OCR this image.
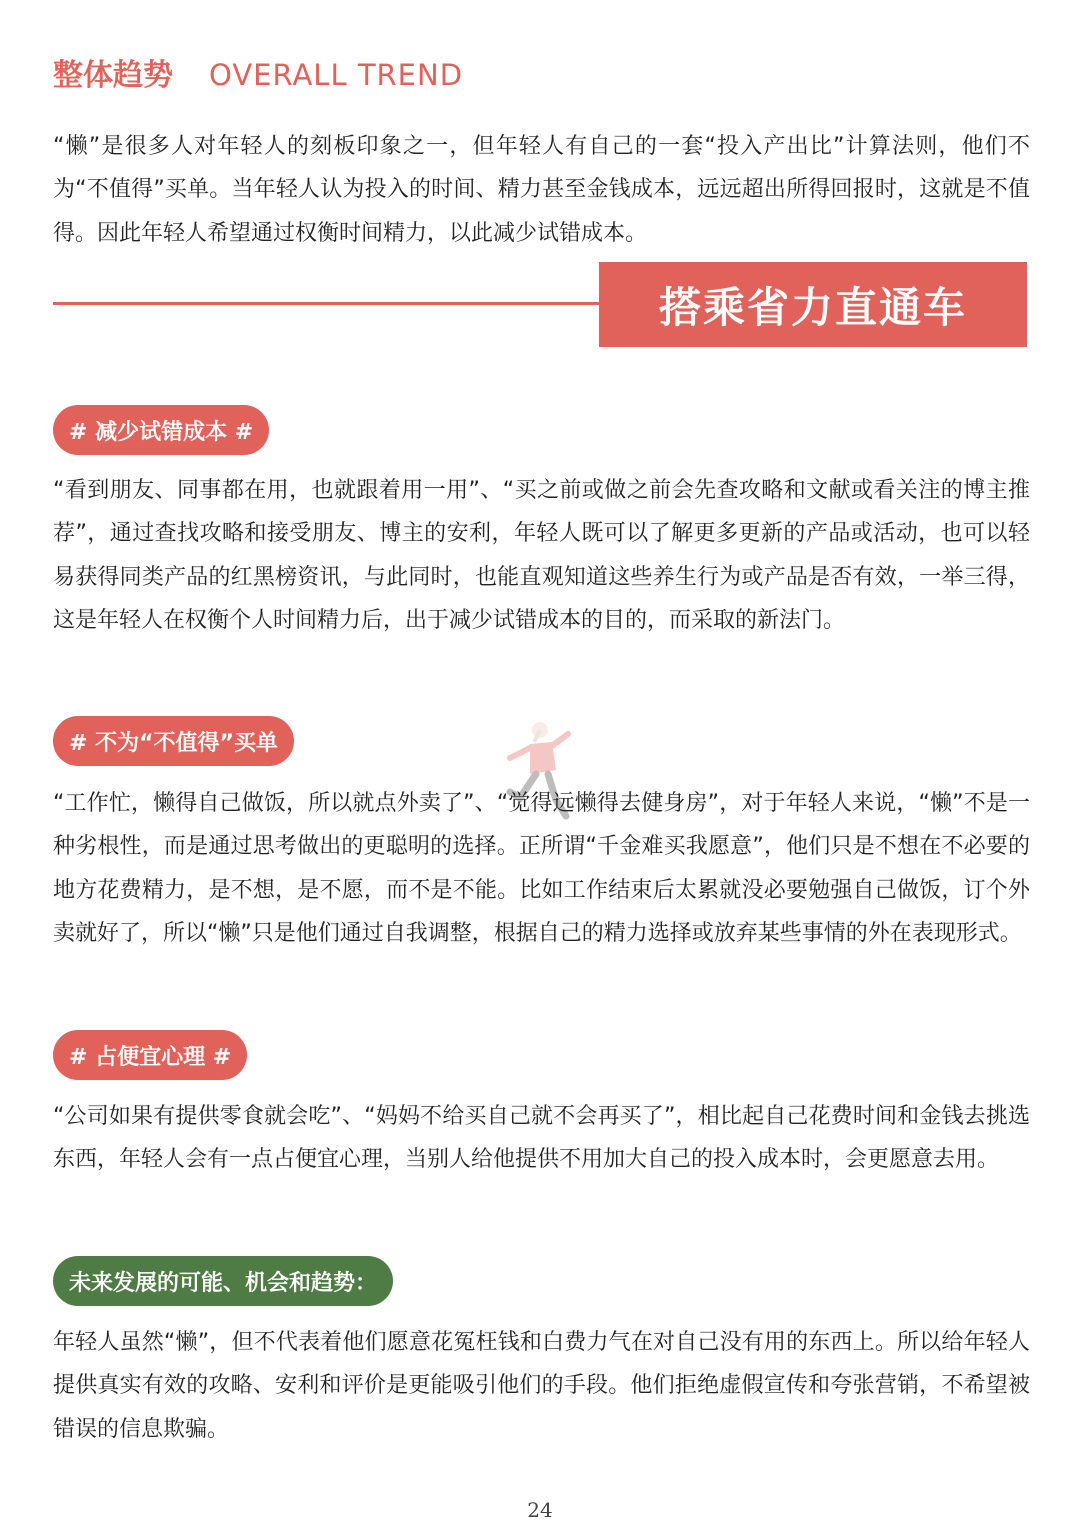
整体趋势 OVERALL TREND

“懒”是很多人对年轻人的刻板印象之一，但年轻人有自己的一套“投入产出比”计算法则，他们不为“不值得”买单。当年轻人认为投入的时间、精力甚至金钱成本，远远超出所得回报时，这就是不值得。因此年轻人希望通过权衡时间精力，以此减少试错成本。

搭乘省力直通车
# 减少试错成本 #

“看到朋友、同事都在用，也就跟着用一用”、“买之前或做之前会先查攻略和文献或看关注的博主推荐”，通过查找攻略和接受朋友、博主的安利，年轻人既可以了解更多更新的产品或活动，也可以轻易获得同类产品的红黑榜资讯，与此同时，也能直观知道这些养生行为或产品是否有效，一举三得，这是年轻人在权衡个人时间精力后，出于减少试错成本的目的，而采取的新法门。

# 不为“不值得”买单

“工作忙，懒得自己做饭，所以就点外卖了”、“觉得远懒得去健身房”，对于年轻人来说，“懒”不是一种劣根性，而是通过思考做出的更聪明的选择。正所谓“千金难买我愿意”，他们只是不想在不必要的地方花费精力，是不想，是不愿，而不是不能。比如工作结束后太累就没必要勉强自己做饭，订个外卖就好了，所以“懒”只是他们通过自我调整，根据自己的精力选择或放弃某些事情的外在表现形式。

# 占便宜心理 #

“公司如果有提供零食就会吃”、“妈妈不给买自己就不会再买了”，相比起自己花费时间和金钱去挑选东西，年轻人会有一点占便宜心理，当别人给他提供不用加大自己的投入成本时，会更愿意去用。

未来发展的可能、机会和趋势：

年轻人虽然“懒”，但不代表着他们愿意花冤枉钱和白费力气在对自己没有用的东西上。所以给年轻人提供真实有效的攻略、安利和评价是更能吸引他们的手段。他们拒绝虚假宣传和夸张营销，不希望被错误的信息欺骗。

24
